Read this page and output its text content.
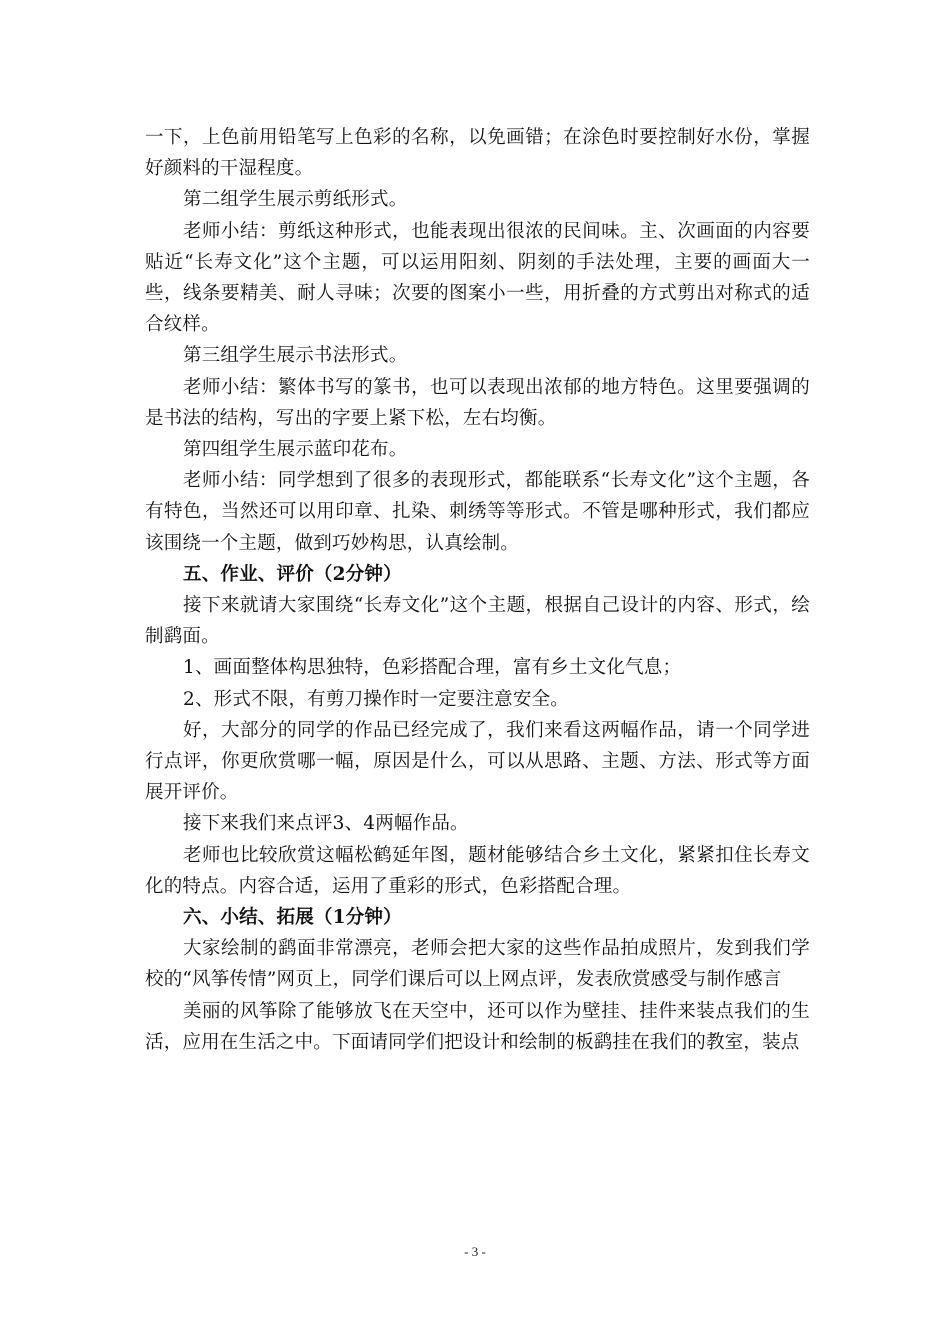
一下，上色前用铅笔写上色彩的名称，以免画错；在涂色时要控制好水份，掌握好颜料的干湿程度。

第二组学生展示剪纸形式。

老师小结：剪纸这种形式，也能表现出很浓的民间味。主、次画面的内容要贴近“长寿文化”这个主题，可以运用阳刻、阴刻的手法处理，主要的画面大一些，线条要精美、耐人寻味；次要的图案小一些，用折叠的方式剪出对称式的适合纹样。

第三组学生展示书法形式。

老师小结：繁体书写的篆书，也可以表现出浓郁的地方特色。这里要强调的是书法的结构，写出的字要上紧下松，左右均衡。

第四组学生展示蓝印花布。

老师小结：同学想到了很多的表现形式，都能联系“长寿文化”这个主题，各有特色，当然还可以用印章、扎染、刺绣等等形式。不管是哪种形式，我们都应该围绕一个主题，做到巧妙构思，认真绘制。

五、作业、评价（2分钟）

接下来就请大家围绕“长寿文化”这个主题，根据自己设计的内容、形式，绘制鹞面。

1、画面整体构思独特，色彩搭配合理，富有乡土文化气息；

2、形式不限，有剪刀操作时一定要注意安全。

好，大部分的同学的作品已经完成了，我们来看这两幅作品，请一个同学进行点评，你更欣赏哪一幅，原因是什么，可以从思路、主题、方法、形式等方面展开评价。

接下来我们来点评3、4两幅作品。

老师也比较欣赏这幅松鹤延年图，题材能够结合乡土文化，紧紧扣住长寿文化的特点。内容合适，运用了重彩的形式，色彩搭配合理。

六、小结、拓展（1分钟）

大家绘制的鹞面非常漂亮，老师会把大家的这些作品拍成照片，发到我们学校的“风筝传情”网页上，同学们课后可以上网点评，发表欣赏感受与制作感言

美丽的风筝除了能够放飞在天空中，还可以作为壁挂、挂件来装点我们的生活，应用在生活之中。下面请同学们把设计和绘制的板鹞挂在我们的教室，装点

- 3 -
